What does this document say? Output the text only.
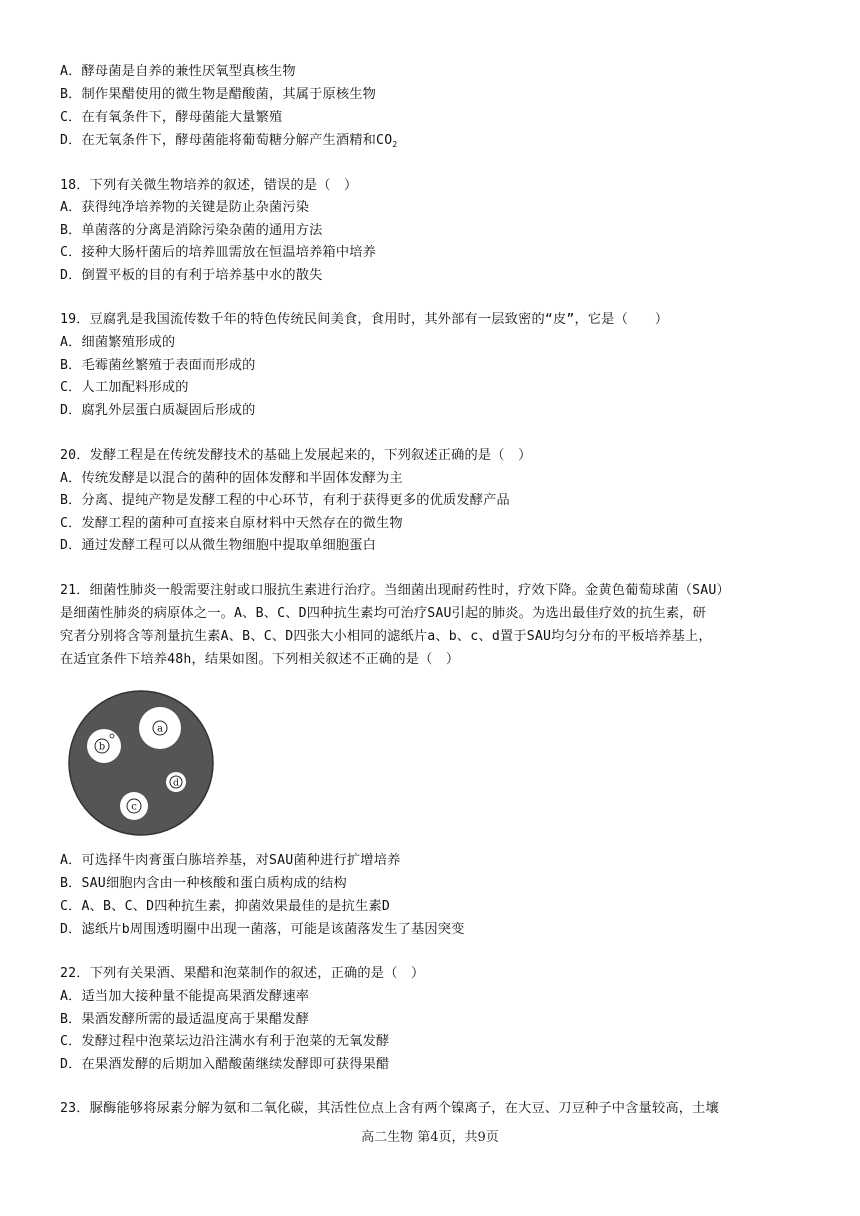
A．酵母菌是自养的兼性厌氧型真核生物
B．制作果醋使用的微生物是醋酸菌，其属于原核生物
C．在有氧条件下，酵母菌能大量繁殖
D．在无氧条件下，酵母菌能将葡萄糖分解产生酒精和$CO_2$
18．下列有关微生物培养的叙述，错误的是（　）
A．获得纯净培养物的关键是防止杂菌污染
B．单菌落的分离是消除污染杂菌的通用方法
C．接种大肠杆菌后的培养皿需放在恒温培养箱中培养
D．倒置平板的目的有利于培养基中水的散失
19．豆腐乳是我国流传数千年的特色传统民间美食，食用时，其外部有一层致密的“皮”，它是（　　）
A．细菌繁殖形成的
B．毛霉菌丝繁殖于表面而形成的
C．人工加配料形成的
D．腐乳外层蛋白质凝固后形成的
20．发酵工程是在传统发酵技术的基础上发展起来的，下列叙述正确的是（　）
A．传统发酵是以混合的菌种的固体发酵和半固体发酵为主
B．分离、提纯产物是发酵工程的中心环节，有利于获得更多的优质发酵产品
C．发酵工程的菌种可直接来自原材料中天然存在的微生物
D．通过发酵工程可以从微生物细胞中提取单细胞蛋白
21．细菌性肺炎一般需要注射或口服抗生素进行治疗。当细菌出现耐药性时，疗效下降。金黄色葡萄球菌（SAU）
是细菌性肺炎的病原体之一。A、B、C、D四种抗生素均可治疗SAU引起的肺炎。为选出最佳疗效的抗生素，研
究者分别将含等剂量抗生素A、B、C、D四张大小相同的滤纸片a、b、c、d置于SAU均匀分布的平板培养基上，
在适宜条件下培养48h，结果如图。下列相关叙述不正确的是（　）
a
b
d
c
A．可选择牛肉膏蛋白胨培养基，对SAU菌种进行扩增培养
B．SAU细胞内含由一种核酸和蛋白质构成的结构
C．A、B、C、D四种抗生素，抑菌效果最佳的是抗生素D
D．滤纸片b周围透明圈中出现一菌落，可能是该菌落发生了基因突变
22．下列有关果酒、果醋和泡菜制作的叙述，正确的是（　）
A．适当加大接种量不能提高果酒发酵速率
B．果酒发酵所需的最适温度高于果醋发酵
C．发酵过程中泡菜坛边沿注满水有利于泡菜的无氧发酵
D．在果酒发酵的后期加入醋酸菌继续发酵即可获得果醋
23．脲酶能够将尿素分解为氨和二氧化碳，其活性位点上含有两个镍离子，在大豆、刀豆种子中含量较高，土壤
高二生物 第4页，共9页
